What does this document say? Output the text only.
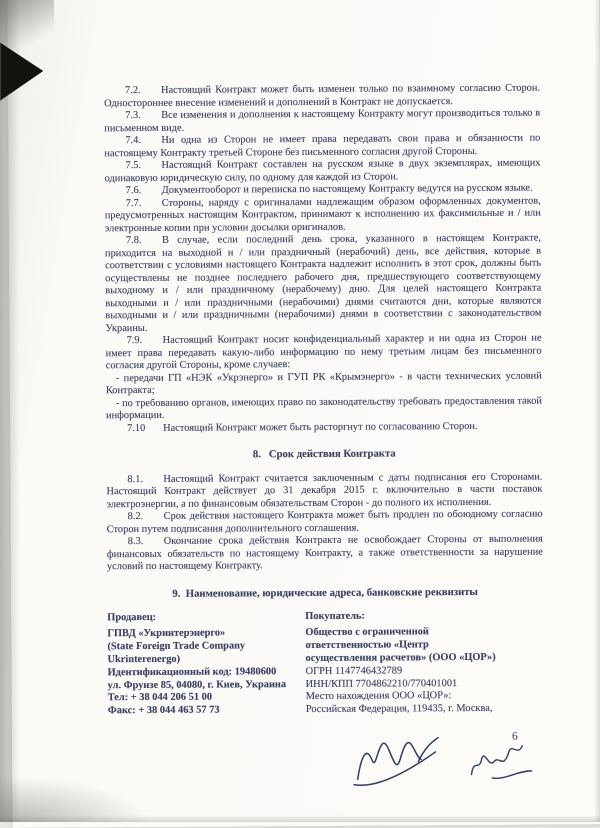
7.2. Настоящий Контракт может быть изменен только по взаимному согласию Сторон. Одностороннее внесение изменений и дополнений в Контракт не допускается.

7.3. Все изменения и дополнения к настоящему Контракту могут производиться только в письменном виде.

7.4. Ни одна из Сторон не имеет права передавать свои права и обязанности по настоящему Контракту третьей Стороне без письменного согласия другой Стороны.

7.5. Настоящий Контракт составлен на русском языке в двух экземплярах, имеющих одинаковую юридическую силу, по одному для каждой из Сторон.

7.6. Документооборот и переписка по настоящему Контракту ведутся на русском языке.

7.7. Стороны, наряду с оригиналами надлежащим образом оформленных документов, предусмотренных настоящим Контрактом, принимают к исполнению их факсимильные и / или электронные копии при условии досылки оригиналов.

7.8. В случае, если последний день срока, указанного в настоящем Контракте, приходится на выходной и / или праздничный (нерабочий) день, все действия, которые в соответствии с условиями настоящего Контракта надлежит исполнить в этот срок, должны быть осуществлены не позднее последнего рабочего дня, предшествующего соответствующему выходному и / или праздничному (нерабочему) дню. Для целей настоящего Контракта выходными и / или праздничными (нерабочими) днями считаются дни, которые являются выходными и / или праздничными (нерабочими) днями в соответствии с законодательством Украины.

7.9. Настоящий Контракт носит конфиденциальный характер и ни одна из Сторон не имеет права передавать какую-либо информацию по нему третьим лицам без письменного согласия другой Стороны, кроме случаев:

- передачи ГП «НЭК «Укрэнерго» и ГУП РК «Крымэнерго» - в части технических условий Контракта;

- по требованию органов, имеющих право по законодательству требовать предоставления такой информации.

7.10 Настоящий Контракт может быть расторгнут по согласованию Сторон.

8.   Срок действия Контракта

8.1. Настоящий Контракт считается заключенным с даты подписания его Сторонами. Настоящий Контракт действует до 31 декабря 2015 г. включительно в части поставок электроэнергии, а по финансовым обязательствам Сторон - до полного их исполнения.

8.2. Срок действия настоящего Контракта может быть продлен по обоюдному согласию Сторон путем подписания дополнительного соглашения.

8.3. Окончание срока действия Контракта не освобождает Стороны от выполнения финансовых обязательств по настоящему Контракту, а также ответственности за нарушение условий по настоящему Контракту.

9.  Наименование, юридические адреса, банковские реквизиты
Продавец:
ГПВД «Укринтерэнерго»
(State Foreign Trade Company
Ukrinterenergo)
Идентификационный код: 19480600
ул. Фрунзе 85, 04080, г. Киев, Украина
Тел: + 38 044 206 51 00
Факс: + 38 044 463 57 73
Покупатель:
Общество с ограниченной
ответственностью «Центр
осуществления расчетов» (ООО «ЦОР»)
ОГРН 1147746432789
ИНН/КПП 7704862210/770401001
Место нахождения ООО «ЦОР»:
Российская Федерация, 119435, г. Москва,
6
